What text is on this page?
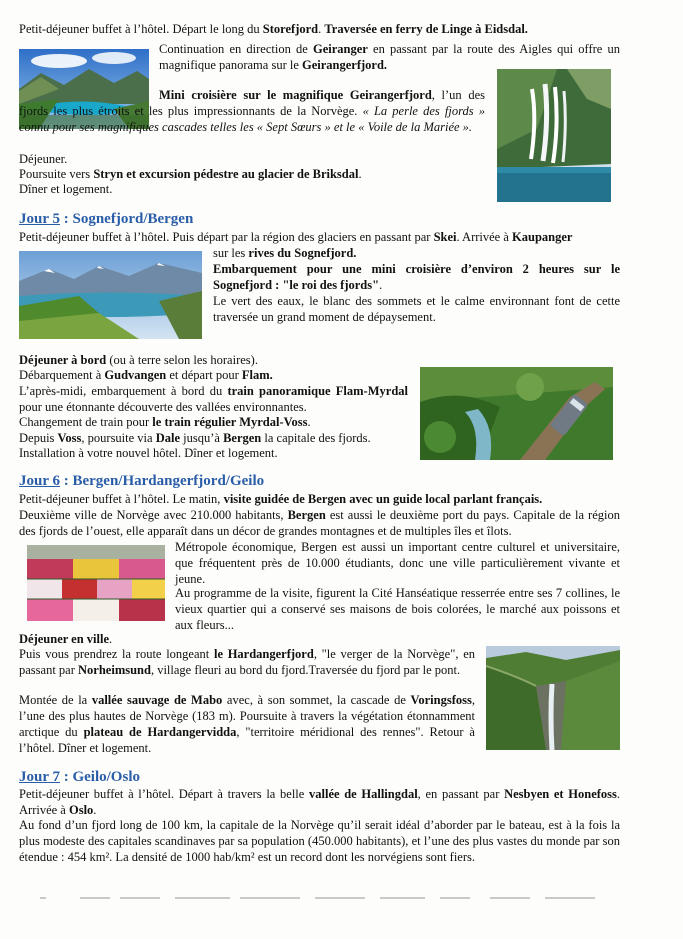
Petit-déjeuner buffet à l’hôtel. Départ le long du Storefjord. Traversée en ferry de Linge à Eidsdal.

Continuation en direction de Geiranger en passant par la route des Aigles qui offre un magnifique panorama sur le Geirangerfjord.

Mini croisière sur le magnifique Geirangerfjord, l’un des fjords les plus étroits et les plus impressionnants de la Norvège. « La perle des fjords » connu pour ses magnifiques cascades telles les « Sept Sœurs » et le « Voile de la Mariée ».

Déjeuner.

Poursuite vers Stryn et excursion pédestre au glacier de Briksdal.

Dîner et logement.

Jour 5 : Sognefjord/Bergen

Petit-déjeuner buffet à l’hôtel. Puis départ par la région des glaciers en passant par Skei. Arrivée à Kaupanger

sur les rives du Sognefjord.

Embarquement pour une mini croisière d’environ 2 heures sur le Sognefjord : "le roi des fjords".

Le vert des eaux, le blanc des sommets et le calme environnant font de cette traversée un grand moment de dépaysement.

Déjeuner à bord (ou à terre selon les horaires).

Débarquement à Gudvangen et départ pour Flam.

L’après-midi, embarquement à bord du train panoramique Flam-Myrdal pour une étonnante découverte des vallées environnantes.

Changement de train pour le train régulier Myrdal-Voss.

Depuis Voss, poursuite via Dale jusqu’à Bergen la capitale des fjords.

Installation à votre nouvel hôtel. Dîner et logement.

Jour 6 : Bergen/Hardangerfjord/Geilo

Petit-déjeuner buffet à l’hôtel. Le matin, visite guidée de Bergen avec un guide local parlant français.

Deuxième ville de Norvège avec 210.000 habitants, Bergen est aussi le deuxième port du pays. Capitale de la région des fjords de l’ouest, elle apparaît dans un décor de grandes montagnes et de multiples îles et îlots.

Métropole économique, Bergen est aussi un important centre culturel et universitaire, que fréquentent près de 10.000 étudiants, donc une ville particulièrement vivante et jeune.

Au programme de la visite, figurent la Cité Hanséatique resserrée entre ses 7 collines, le vieux quartier qui a conservé ses maisons de bois colorées, le marché aux poissons et aux fleurs...

Déjeuner en ville.

Puis vous prendrez la route longeant le Hardangerfjord, "le verger de la Norvège", en passant par Norheimsund, village fleuri au bord du fjord.Traversée du fjord par le pont.

Montée de la vallée sauvage de Mabo avec, à son sommet, la cascade de Voringsfoss, l’une des plus hautes de Norvège (183 m). Poursuite à travers la végétation étonnamment arctique du plateau de Hardangervidda, "territoire méridional des rennes". Retour à l’hôtel. Dîner et logement.

Jour 7 : Geilo/Oslo

Petit-déjeuner buffet à l’hôtel. Départ à travers la belle vallée de Hallingdal, en passant par Nesbyen et Honefoss. Arrivée à Oslo.

Au fond d’un fjord long de 100 km, la capitale de la Norvège qu’il serait idéal d’aborder par le bateau, est à la fois la plus modeste des capitales scandinaves par sa population (450.000 habitants), et l’une des plus vastes du monde par son étendue : 454 km². La densité de 1000 hab/km² est un record dont les norvégiens sont fiers.
